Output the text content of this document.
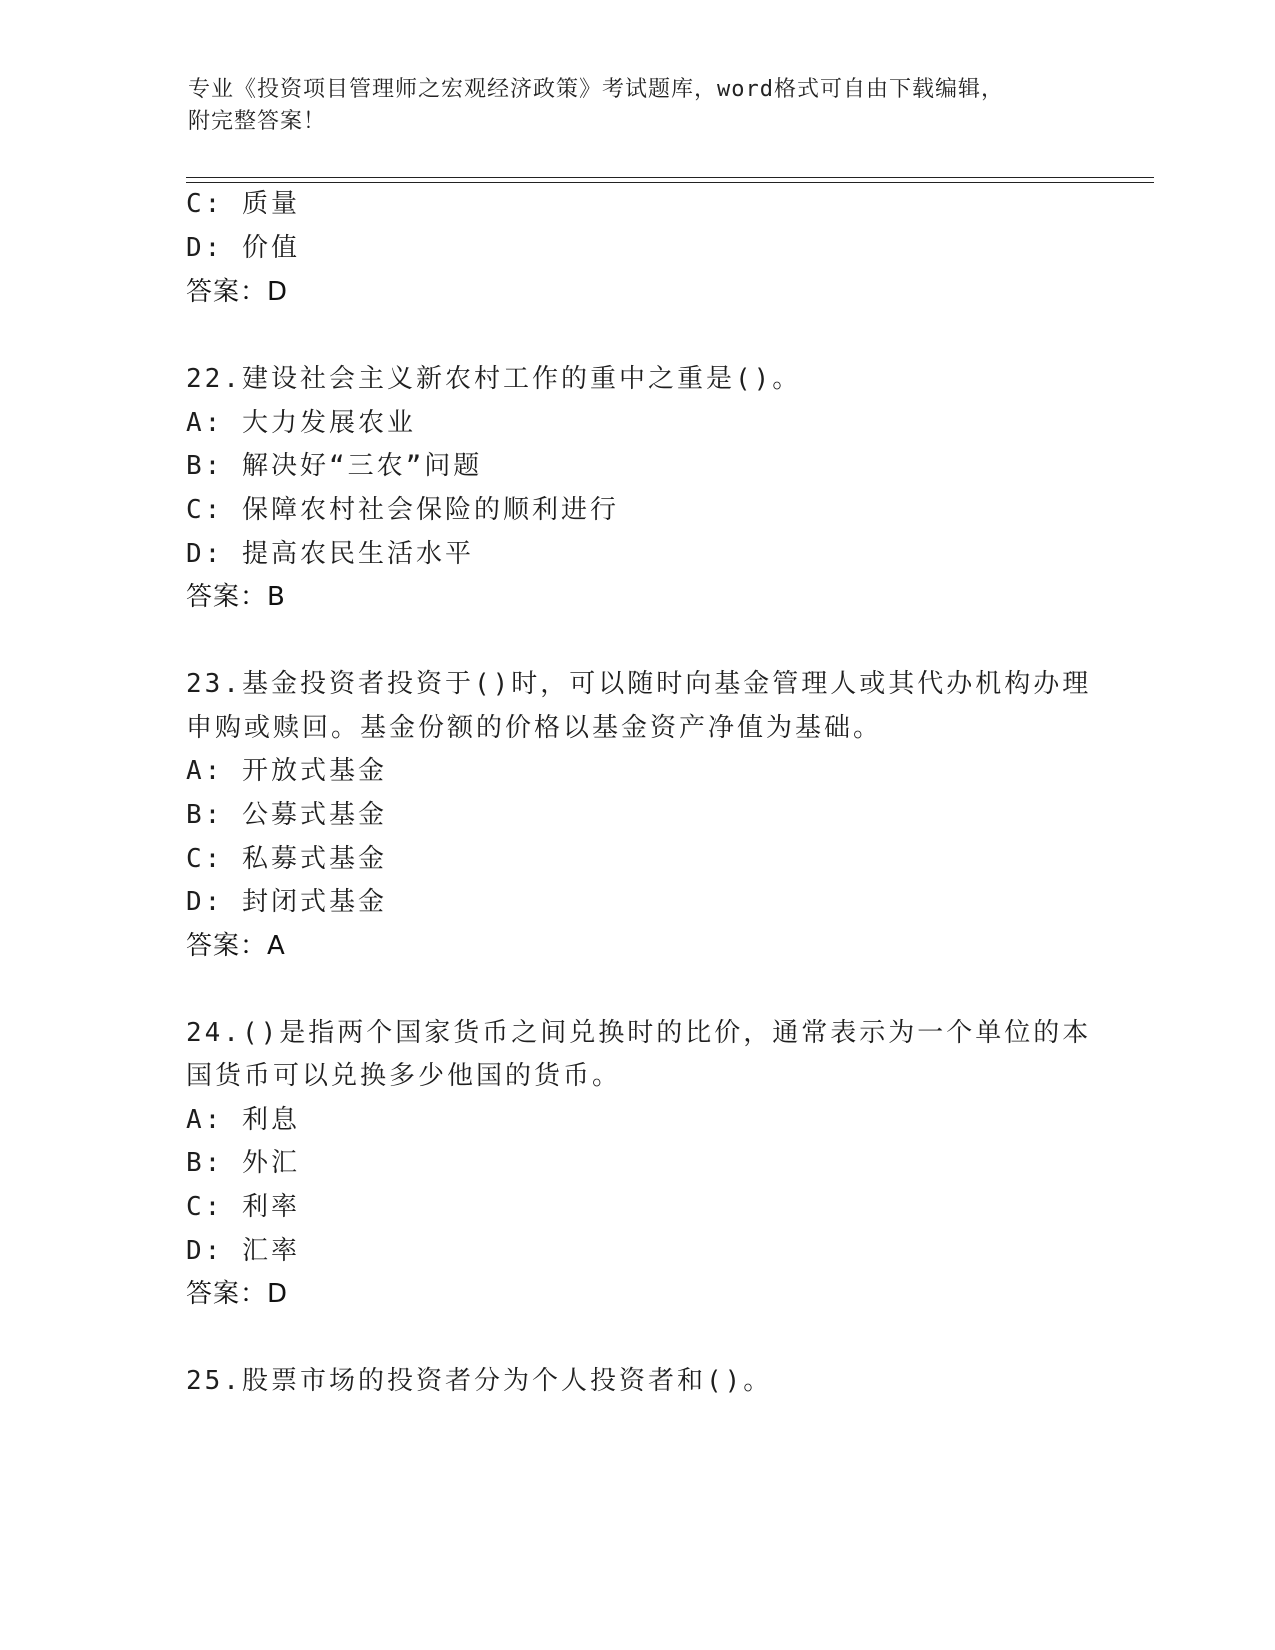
专业《投资项目管理师之宏观经济政策》考试题库，word格式可自由下载编辑，
附完整答案！
C: 质量
D: 价值
答案：D
22.建设社会主义新农村工作的重中之重是()。
A: 大力发展农业
B: 解决好“三农”问题
C: 保障农村社会保险的顺利进行
D: 提高农民生活水平
答案：B
23.基金投资者投资于()时，可以随时向基金管理人或其代办机构办理
申购或赎回。基金份额的价格以基金资产净值为基础。
A: 开放式基金
B: 公募式基金
C: 私募式基金
D: 封闭式基金
答案：A
24.()是指两个国家货币之间兑换时的比价，通常表示为一个单位的本
国货币可以兑换多少他国的货币。
A: 利息
B: 外汇
C: 利率
D: 汇率
答案：D
25.股票市场的投资者分为个人投资者和()。
